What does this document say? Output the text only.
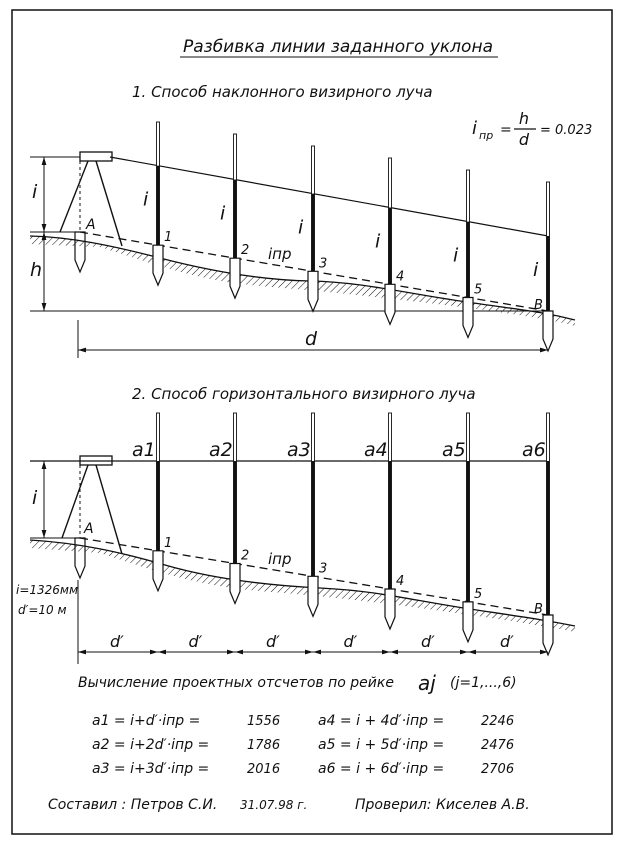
Разбивка линии заданного уклона
1. Способ наклонного визирного луча
i пр =
h
d = 0.023
A
i
h
i
1
i
2
i
3
i
4
i
5
i
B
iпр
d
2. Способ горизонтального визирного луча
A
i
i=1326мм
d′=10 м
a1
1
a2
2
a3
3
a4
4
a5
5
a6
B
iпр
d′	d′	d′	d′	d′	d′
Вычисление проектных отсчетов по рейке aj (j=1,...,6)
a1 = i+d′·iпр =	1556
a2 = i+2d′·iпр =	1786
a3 = i+3d′·iпр =	2016
a4 = i + 4d′·iпр =	2246
a5 = i + 5d′·iпр =	2476
a6 = i + 6d′·iпр =	2706
Составил : Петров С.И. 31.07.98 г.	Проверил: Киселев А.В.
